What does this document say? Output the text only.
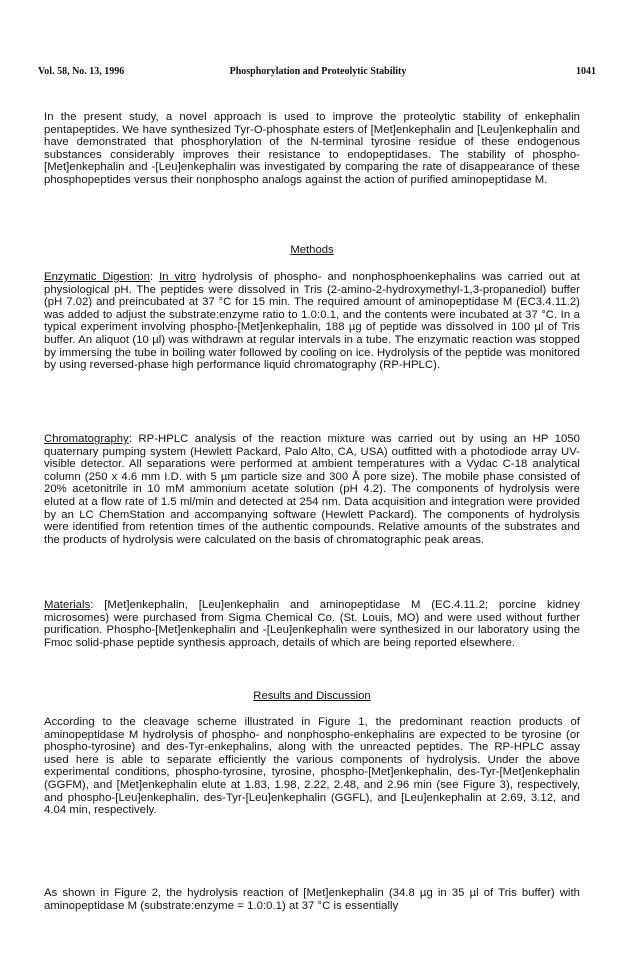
Vol. 58, No. 13, 1996	Phosphorylation and Proteolytic Stability	1041

In the present study, a novel approach is used to improve the proteolytic stability of enkephalin pentapeptides. We have synthesized Tyr-O-phosphate esters of [Met]enkephalin and [Leu]enkephalin and have demonstrated that phosphorylation of the N-terminal tyrosine residue of these endogenous substances considerably improves their resistance to endopeptidases. The stability of phospho-[Met]enkephalin and -[Leu]enkephalin was investigated by comparing the rate of disappearance of these phosphopeptides versus their nonphospho analogs against the action of purified aminopeptidase M.

Methods

Enzymatic Digestion: In vitro hydrolysis of phospho- and nonphosphoenkephalins was carried out at physiological pH. The peptides were dissolved in Tris (2-amino-2-hydroxymethyl-1,3-propanediol) buffer (pH 7.02) and preincubated at 37 °C for 15 min. The required amount of aminopeptidase M (EC3.4.11.2) was added to adjust the substrate:enzyme ratio to 1.0:0.1, and the contents were incubated at 37 °C. In a typical experiment involving phospho-[Met]enkephalin, 188 µg of peptide was dissolved in 100 µl of Tris buffer. An aliquot (10 µl) was withdrawn at regular intervals in a tube. The enzymatic reaction was stopped by immersing the tube in boiling water followed by cooling on ice. Hydrolysis of the peptide was monitored by using reversed-phase high performance liquid chromatography (RP-HPLC).

Chromatography: RP-HPLC analysis of the reaction mixture was carried out by using an HP 1050 quaternary pumping system (Hewlett Packard, Palo Alto, CA, USA) outfitted with a photodiode array UV-visible detector. All separations were performed at ambient temperatures with a Vydac C-18 analytical column (250 x 4.6 mm I.D. with 5 µm particle size and 300 Å pore size). The mobile phase consisted of 20% acetonitrile in 10 mM ammonium acetate solution (pH 4.2). The components of hydrolysis were eluted at a flow rate of 1.5 ml/min and detected at 254 nm. Data acquisition and integration were provided by an LC ChemStation and accompanying software (Hewlett Packard). The components of hydrolysis were identified from retention times of the authentic compounds. Relative amounts of the substrates and the products of hydrolysis were calculated on the basis of chromatographic peak areas.

Materials: [Met]enkephalin, [Leu]enkephalin and aminopeptidase M (EC.4.11.2; porcine kidney microsomes) were purchased from Sigma Chemical Co. (St. Louis, MO) and were used without further purification. Phospho-[Met]enkephalin and -[Leu]enkephalin were synthesized in our laboratory using the Fmoc solid-phase peptide synthesis approach, details of which are being reported elsewhere.

Results and Discussion

According to the cleavage scheme illustrated in Figure 1, the predominant reaction products of aminopeptidase M hydrolysis of phospho- and nonphospho-enkephalins are expected to be tyrosine (or phospho-tyrosine) and des-Tyr-enkephalins, along with the unreacted peptides. The RP-HPLC assay used here is able to separate efficiently the various components of hydrolysis. Under the above experimental conditions, phospho-tyrosine, tyrosine, phospho-[Met]enkephalin, des-Tyr-[Met]enkephalin (GGFM), and [Met]enkephalin elute at 1.83, 1.98, 2.22, 2.48, and 2.96 min (see Figure 3), respectively, and phospho-[Leu]enkephalin, des-Tyr-[Leu]enkephalin (GGFL), and [Leu]enkephalin at 2.69, 3.12, and 4.04 min, respectively.

As shown in Figure 2, the hydrolysis reaction of [Met]enkephalin (34.8 µg in 35 µl of Tris buffer) with aminopeptidase M (substrate:enzyme = 1.0:0.1) at 37 °C is essentially
